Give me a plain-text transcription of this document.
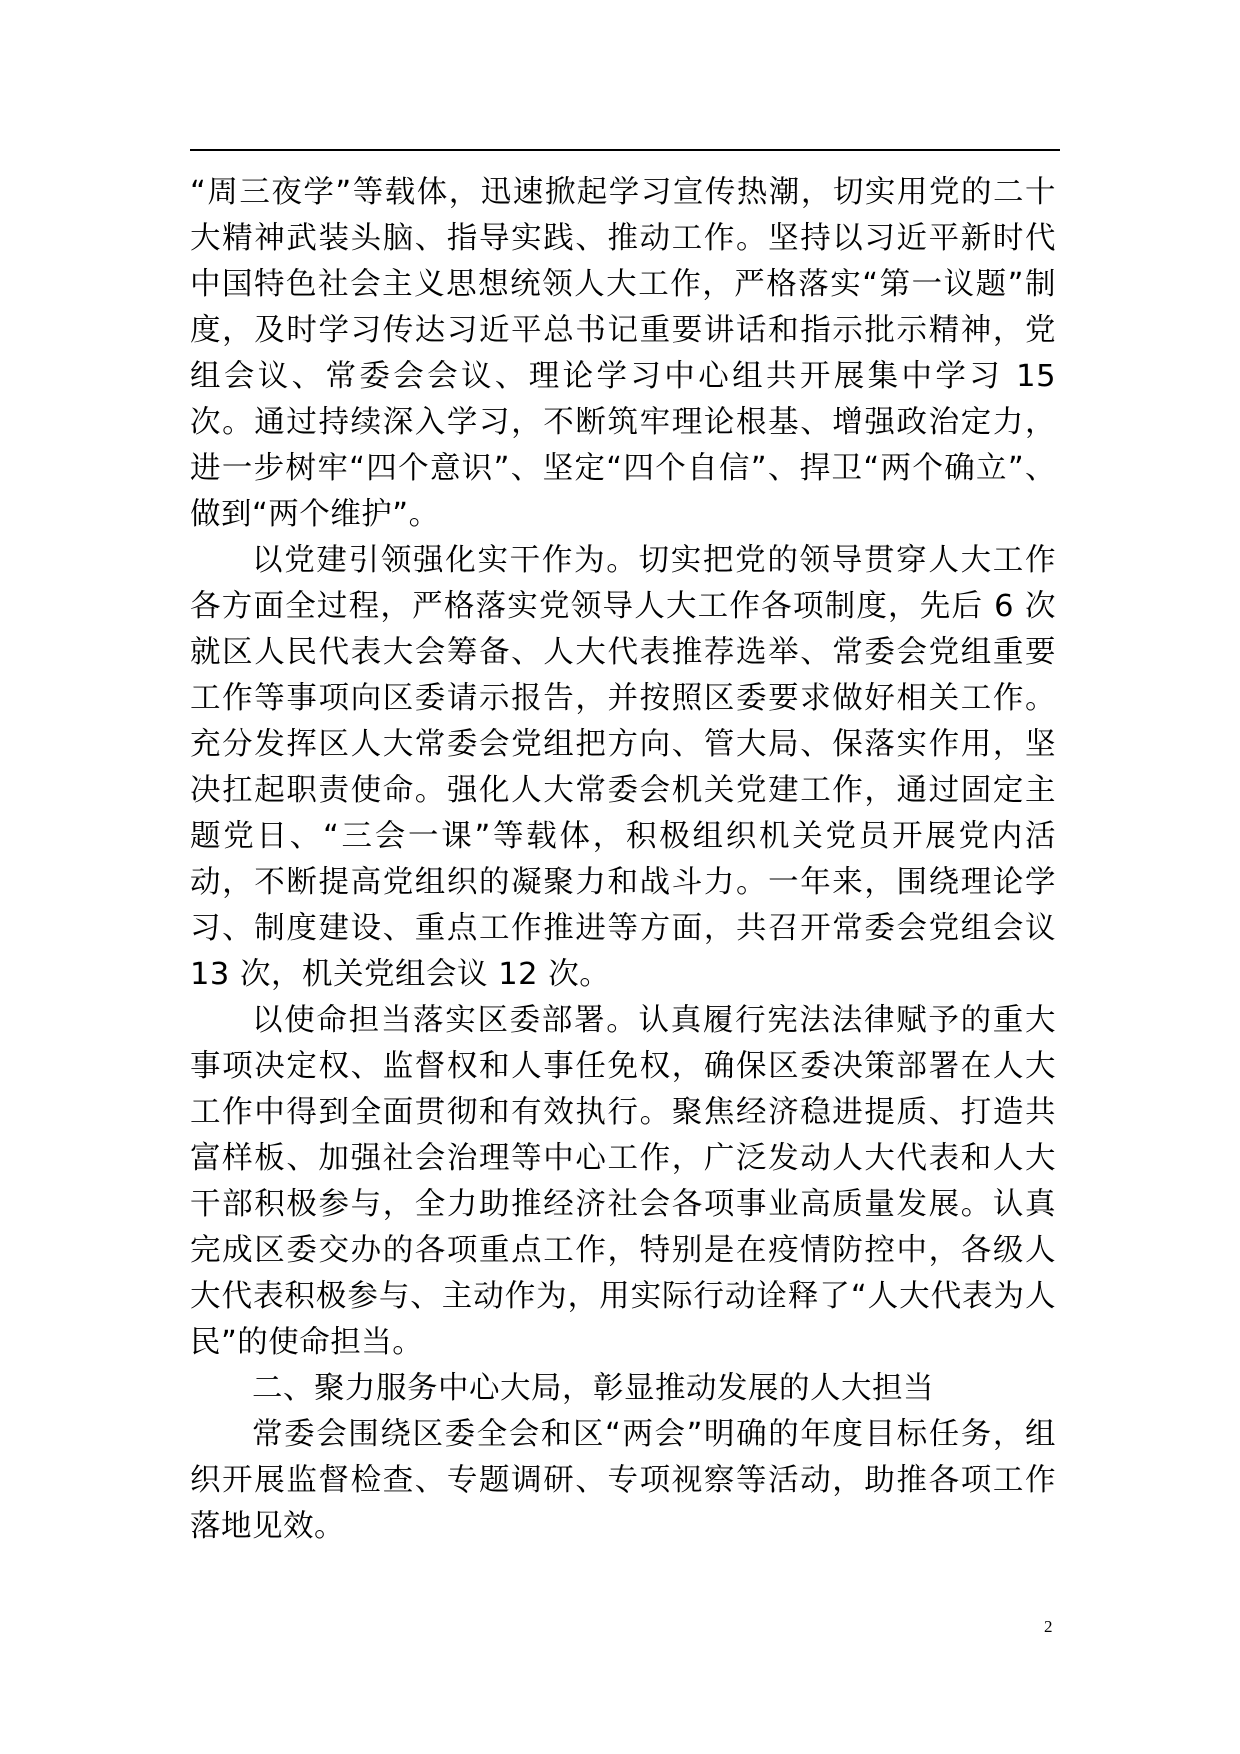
“周三夜学”等载体，迅速掀起学习宣传热潮，切实用党的二十大精神武装头脑、指导实践、推动工作。坚持以习近平新时代中国特色社会主义思想统领人大工作，严格落实“第一议题”制度，及时学习传达习近平总书记重要讲话和指示批示精神，党组会议、常委会会议、理论学习中心组共开展集中学习 15 次。通过持续深入学习，不断筑牢理论根基、增强政治定力，进一步树牢“四个意识”、坚定“四个自信”、捍卫“两个确立”、做到“两个维护”。

以党建引领强化实干作为。切实把党的领导贯穿人大工作各方面全过程，严格落实党领导人大工作各项制度，先后 6 次就区人民代表大会筹备、人大代表推荐选举、常委会党组重要工作等事项向区委请示报告，并按照区委要求做好相关工作。充分发挥区人大常委会党组把方向、管大局、保落实作用，坚决扛起职责使命。强化人大常委会机关党建工作，通过固定主题党日、“三会一课”等载体，积极组织机关党员开展党内活动，不断提高党组织的凝聚力和战斗力。一年来，围绕理论学习、制度建设、重点工作推进等方面，共召开常委会党组会议 13 次，机关党组会议 12 次。

以使命担当落实区委部署。认真履行宪法法律赋予的重大事项决定权、监督权和人事任免权，确保区委决策部署在人大工作中得到全面贯彻和有效执行。聚焦经济稳进提质、打造共富样板、加强社会治理等中心工作，广泛发动人大代表和人大干部积极参与，全力助推经济社会各项事业高质量发展。认真完成区委交办的各项重点工作，特别是在疫情防控中，各级人大代表积极参与、主动作为，用实际行动诠释了“人大代表为人民”的使命担当。

二、聚力服务中心大局，彰显推动发展的人大担当

常委会围绕区委全会和区“两会”明确的年度目标任务，组织开展监督检查、专题调研、专项视察等活动，助推各项工作落地见效。

2
